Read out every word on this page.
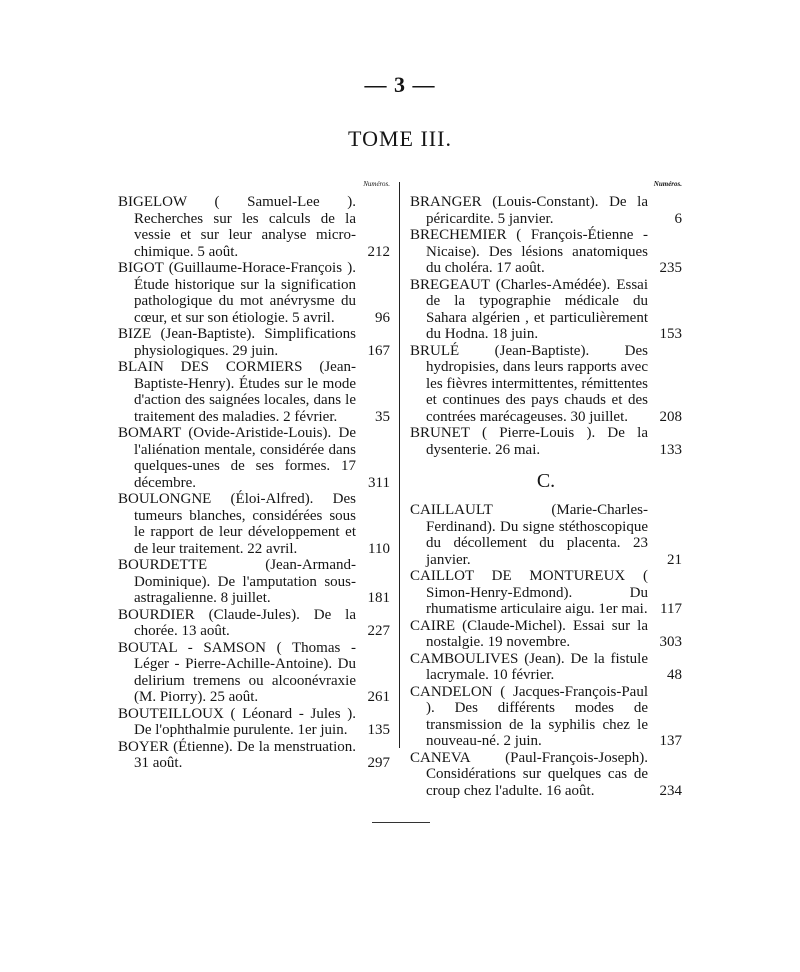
— 3 —
TOME III.
Numéros.

BIGELOW ( Samuel-Lee ). Recherches sur les calculs de la vessie et sur leur analyse micro-chimique. 5 août.	212

BIGOT (Guillaume-Horace-François ). Étude historique sur la signification pathologique du mot anévrysme du cœur, et sur son étiologie. 5 avril.	96

BIZE (Jean-Baptiste). Simplifications physiologiques. 29 juin.	167

BLAIN DES CORMIERS (Jean-Baptiste-Henry). Études sur le mode d'action des saignées locales, dans le traitement des maladies. 2 février.	35

BOMART (Ovide-Aristide-Louis). De l'aliénation mentale, considérée dans quelques-unes de ses formes. 17 décembre.	311

BOULONGNE (Éloi-Alfred). Des tumeurs blanches, considérées sous le rapport de leur développement et de leur traitement. 22 avril.	110

BOURDETTE (Jean-Armand-Dominique). De l'amputation sous-astragalienne. 8 juillet.	181

BOURDIER (Claude-Jules). De la chorée. 13 août.	227

BOUTAL - SAMSON ( Thomas - Léger - Pierre-Achille-Antoine). Du delirium tremens ou alcoonévraxie (M. Piorry). 25 août.	261

BOUTEILLOUX ( Léonard - Jules ). De l'ophthalmie purulente. 1er juin. 135

BOYER (Étienne). De la menstruation. 31 août.	297

Numéros.

BRANGER (Louis-Constant). De la péricardite. 5 janvier.	6

BRECHEMIER ( François-Étienne - Nicaise). Des lésions anatomiques du choléra. 17 août.	235

BREGEAUT (Charles-Amédée). Essai de la typographie médicale du Sahara algérien , et particulièrement du Hodna. 18 juin.	153

BRULÉ (Jean-Baptiste). Des hydropisies, dans leurs rapports avec les fièvres intermittentes, rémittentes et continues des pays chauds et des contrées marécageuses. 30 juillet. 208

BRUNET ( Pierre-Louis ). De la dysenterie. 26 mai.	133

C.

CAILLAULT (Marie-Charles-Ferdinand). Du signe stéthoscopique du décollement du placenta. 23 janvier.	21

CAILLOT DE MONTUREUX ( Simon-Henry-Edmond). Du rhumatisme articulaire aigu. 1er mai. 117

CAIRE (Claude-Michel). Essai sur la nostalgie. 19 novembre.	303

CAMBOULIVES (Jean). De la fistule lacrymale. 10 février.	48

CANDELON ( Jacques-François-Paul ). Des différents modes de transmission de la syphilis chez le nouveau-né. 2 juin.	137

CANEVA (Paul-François-Joseph). Considérations sur quelques cas de croup chez l'adulte. 16 août.	234
